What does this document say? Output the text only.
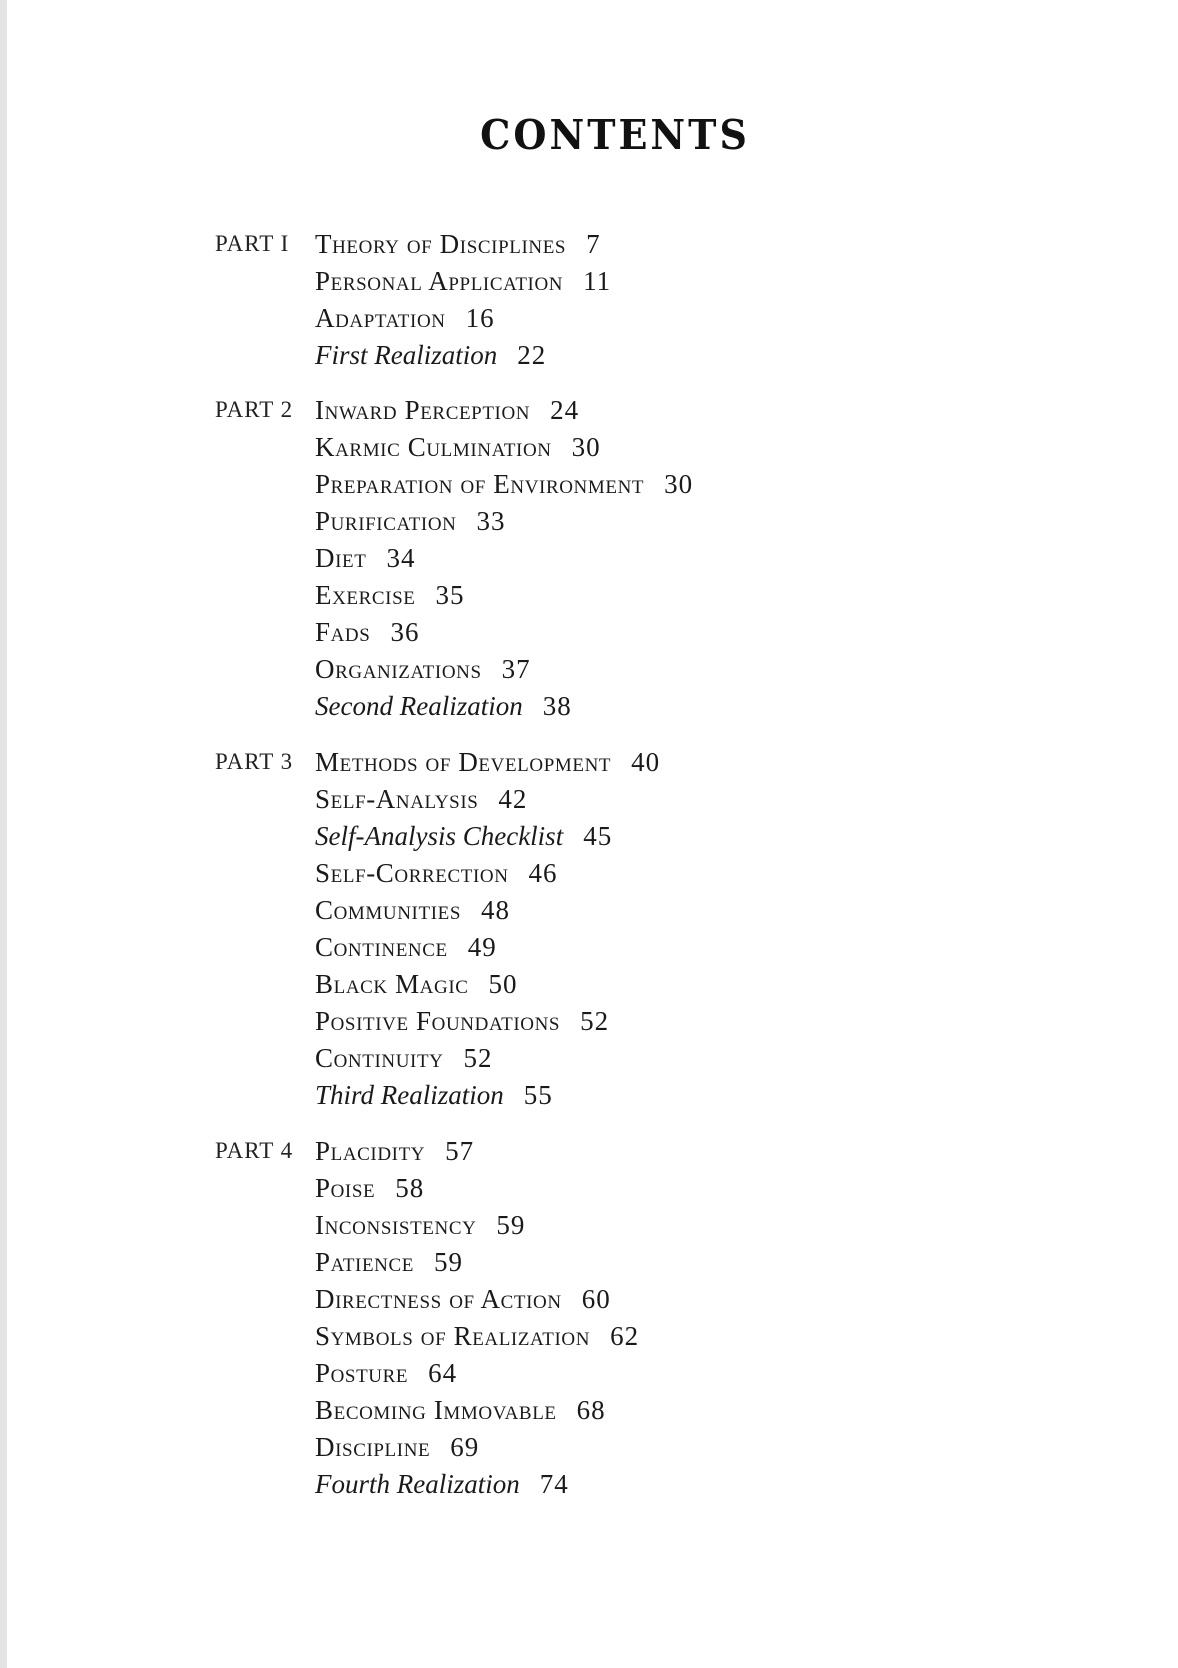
CONTENTS
PART I Theory of Disciplines 7
Personal Application 11
Adaptation 16
First Realization 22
PART 2 Inward Perception 24
Karmic Culmination 30
Preparation of Environment 30
Purification 33
Diet 34
Exercise 35
Fads 36
Organizations 37
Second Realization 38
PART 3 Methods of Development 40
Self-Analysis 42
Self-Analysis Checklist 45
Self-Correction 46
Communities 48
Continence 49
Black Magic 50
Positive Foundations 52
Continuity 52
Third Realization 55
PART 4 Placidity 57
Poise 58
Inconsistency 59
Patience 59
Directness of Action 60
Symbols of Realization 62
Posture 64
Becoming Immovable 68
Discipline 69
Fourth Realization 74
